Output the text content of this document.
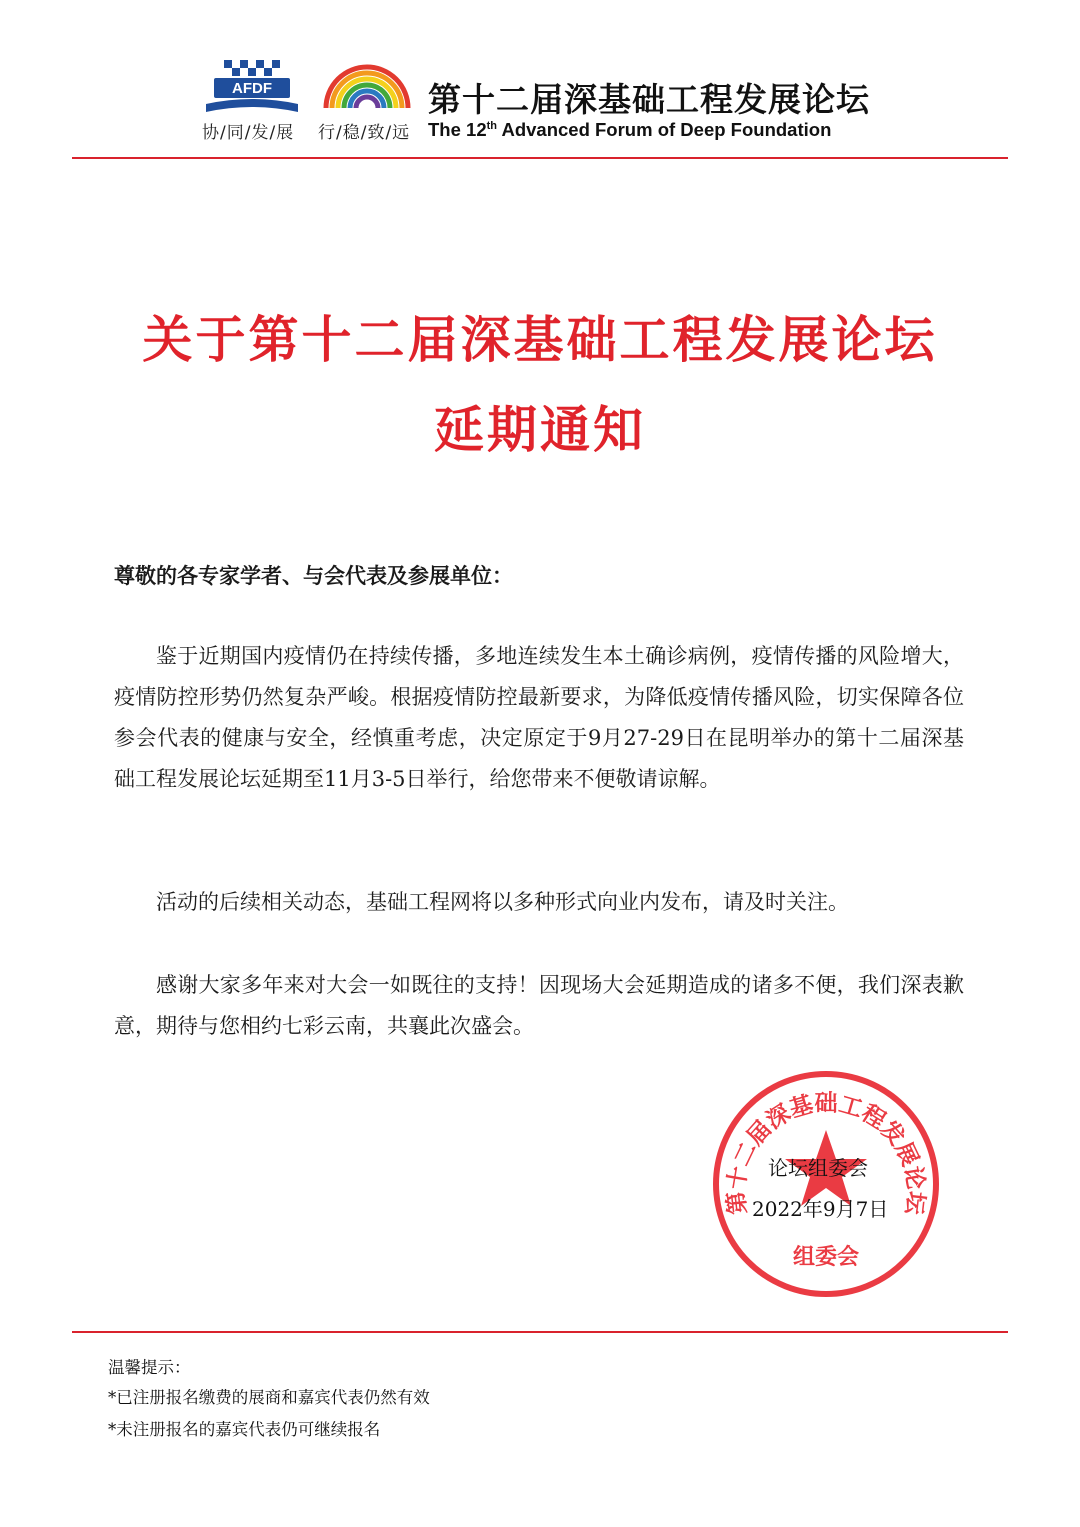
AFDF
协/同/发/展 行/稳/致/远
第十二届深基础工程发展论坛
The 12th Advanced Forum of Deep Foundation
关于第十二届深基础工程发展论坛
延期通知
尊敬的各专家学者、与会代表及参展单位：
鉴于近期国内疫情仍在持续传播，多地连续发生本土确诊病例，疫情传播的风险增大，疫情防控形势仍然复杂严峻。根据疫情防控最新要求，为降低疫情传播风险，切实保障各位参会代表的健康与安全，经慎重考虑，决定原定于9月27-29日在昆明举办的第十二届深基础工程发展论坛延期至11月3-5日举行，给您带来不便敬请谅解。
活动的后续相关动态，基础工程网将以多种形式向业内发布，请及时关注。
感谢大家多年来对大会一如既往的支持！因现场大会延期造成的诸多不便，我们深表歉意，期待与您相约七彩云南，共襄此次盛会。
第十二届深基础工程发展论坛
组委会
论坛组委会
2022年9月7日
温馨提示：
*已注册报名缴费的展商和嘉宾代表仍然有效
*未注册报名的嘉宾代表仍可继续报名
